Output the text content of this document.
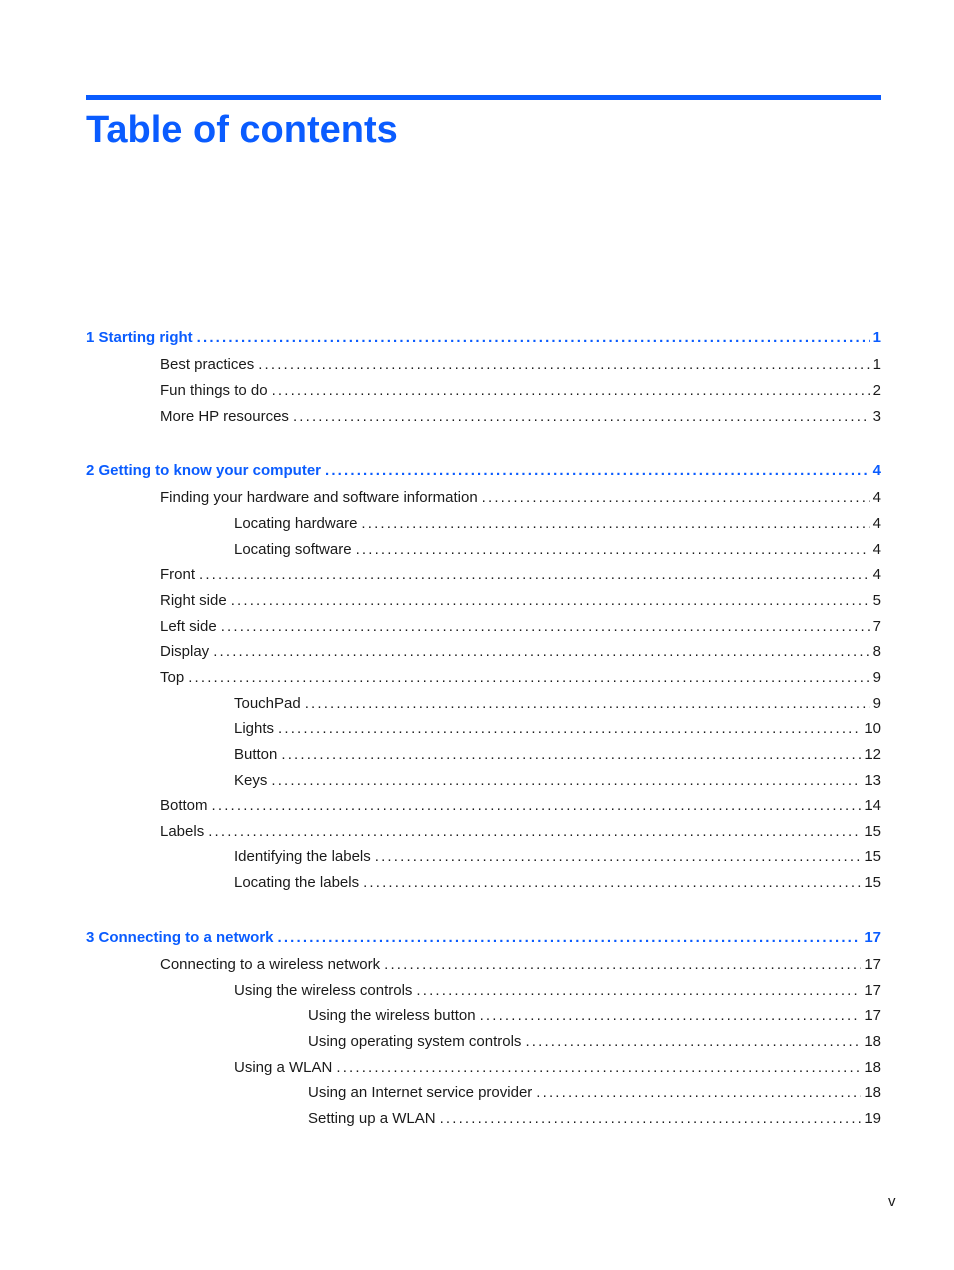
Table of contents
1 Starting right . . .	1
Best practices . . .	1
Fun things to do . . .	2
More HP resources . . .	3
2 Getting to know your computer . . .	4
Finding your hardware and software information . . .	4
Locating hardware . . .	4
Locating software . . .	4
Front . . .	4
Right side . . .	5
Left side . . .	7
Display . . .	8
Top . . .	9
TouchPad . . .	9
Lights . . .	10
Button . . .	12
Keys . . .	13
Bottom . . .	14
Labels . . .	15
Identifying the labels . . .	15
Locating the labels . . .	15
3 Connecting to a network . . .	17
Connecting to a wireless network . . .	17
Using the wireless controls . . .	17
Using the wireless button . . .	17
Using operating system controls . . .	18
Using a WLAN . . .	18
Using an Internet service provider . . .	18
Setting up a WLAN . . .	19
v
